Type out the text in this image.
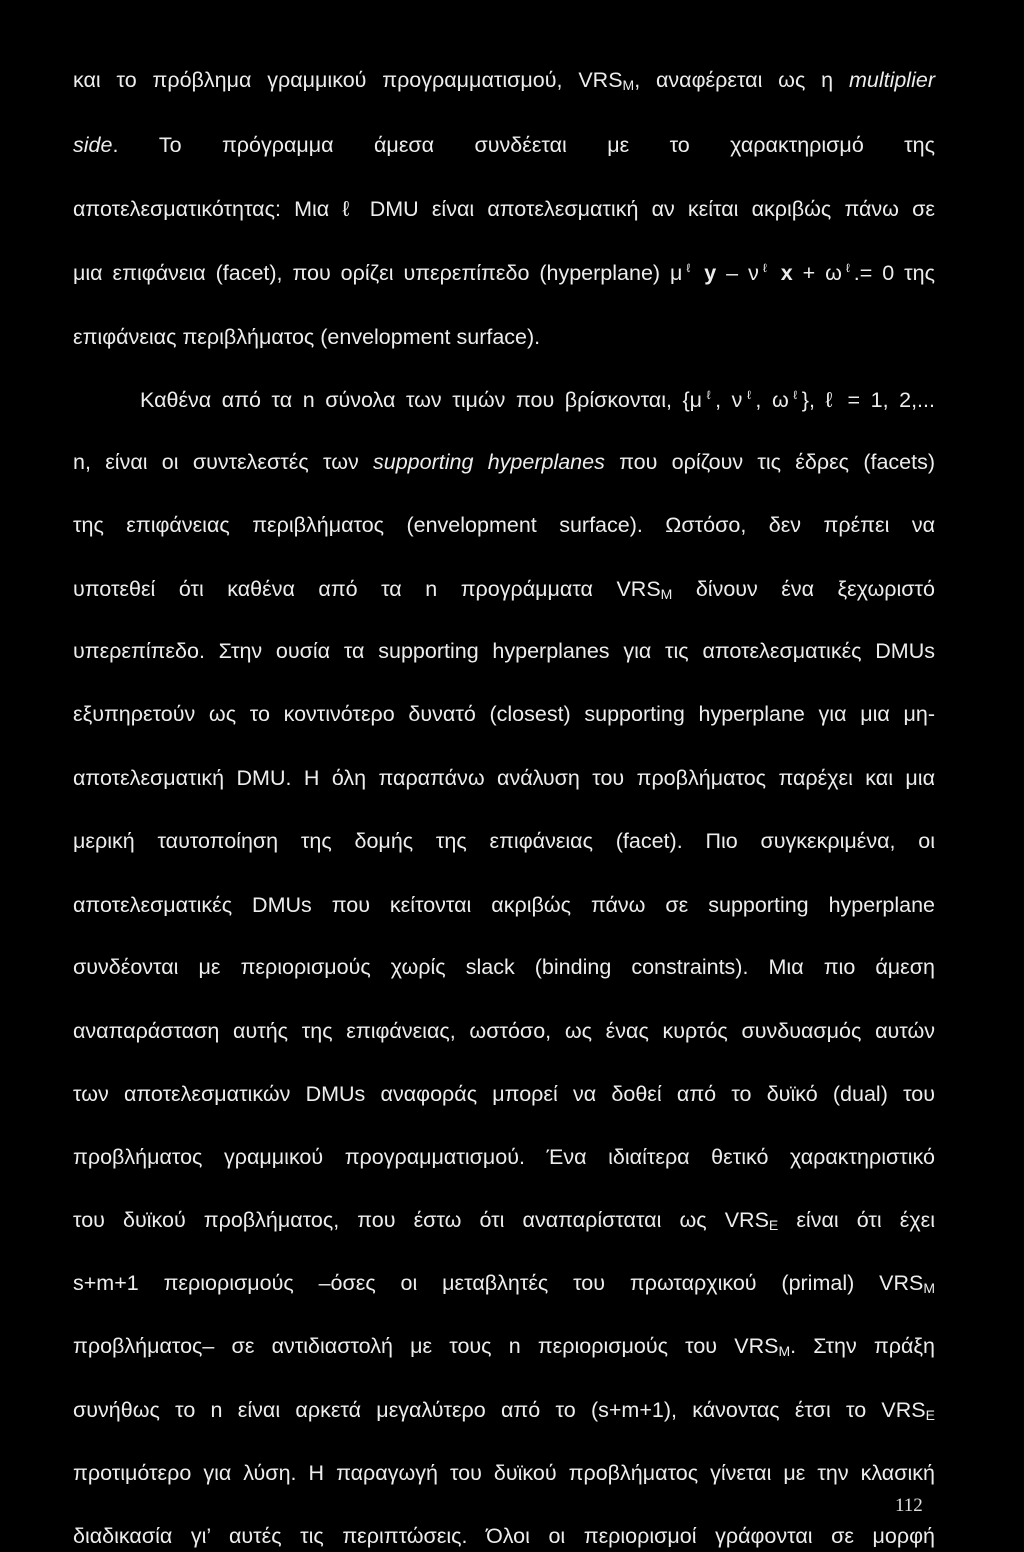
και το πρόβλημα γραμμικού προγραμματισμού, $VRS_M$, αναφέρεται ως η multiplier
side. Το πρόγραμμα άμεσα συνδέεται με το χαρακτηρισμό της
αποτελεσματικότητας: Μια ℓ DMU είναι αποτελεσματική αν κείται ακριβώς πάνω σε
μια επιφάνεια (facet), που ορίζει υπερεπίπεδο (hyperplane) $\mu^\ell$ y – $\nu^\ell$ $x + \omega^\ell.= 0$ της
επιφάνειας περιβλήματος (envelopment surface).
Καθένα από τα n σύνολα των τιμών που βρίσκονται, {$\mu^\ell$, $\nu^\ell$, $\omega^\ell$}, ℓ = 1, 2,...
n, είναι οι συντελεστές των supporting hyperplanes που ορίζουν τις έδρες (facets)
της επιφάνειας περιβλήματος (envelopment surface). Ωστόσο, δεν πρέπει να
υποτεθεί ότι καθένα από τα n προγράμματα $VRS_M$ δίνουν ένα ξεχωριστό
υπερεπίπεδο. Στην ουσία τα supporting hyperplanes για τις αποτελεσματικές DMUs
εξυπηρετούν ως το κοντινότερο δυνατό (closest) supporting hyperplane για μια μη-
αποτελεσματική DMU. Η όλη παραπάνω ανάλυση του προβλήματος παρέχει και μια
μερική ταυτοποίηση της δομής της επιφάνειας (facet). Πιο συγκεκριμένα, οι
αποτελεσματικές DMUs που κείτονται ακριβώς πάνω σε supporting hyperplane
συνδέονται με περιορισμούς χωρίς slack (binding constraints). Μια πιο άμεση
αναπαράσταση αυτής της επιφάνειας, ωστόσο, ως ένας κυρτός συνδυασμός αυτών
των αποτελεσματικών DMUs αναφοράς μπορεί να δοθεί από το δυϊκό (dual) του
προβλήματος γραμμικού προγραμματισμού. Ένα ιδιαίτερα θετικό χαρακτηριστικό
του δυϊκού προβλήματος, που έστω ότι αναπαρίσταται ως $VRS_E$ είναι ότι έχει
s+m+1 περιορισμούς –όσες οι μεταβλητές του πρωταρχικού (primal) $VRS_M$
προβλήματος– σε αντιδιαστολή με τους n περιορισμούς του $VRS_M$. Στην πράξη
συνήθως το n είναι αρκετά μεγαλύτερο από το (s+m+1), κάνοντας έτσι το $VRS_E$
προτιμότερο για λύση. Η παραγωγή του δυϊκού προβλήματος γίνεται με την κλασική
διαδικασία γι’ αυτές τις περιπτώσεις. Όλοι οι περιορισμοί γράφονται σε μορφή
112
